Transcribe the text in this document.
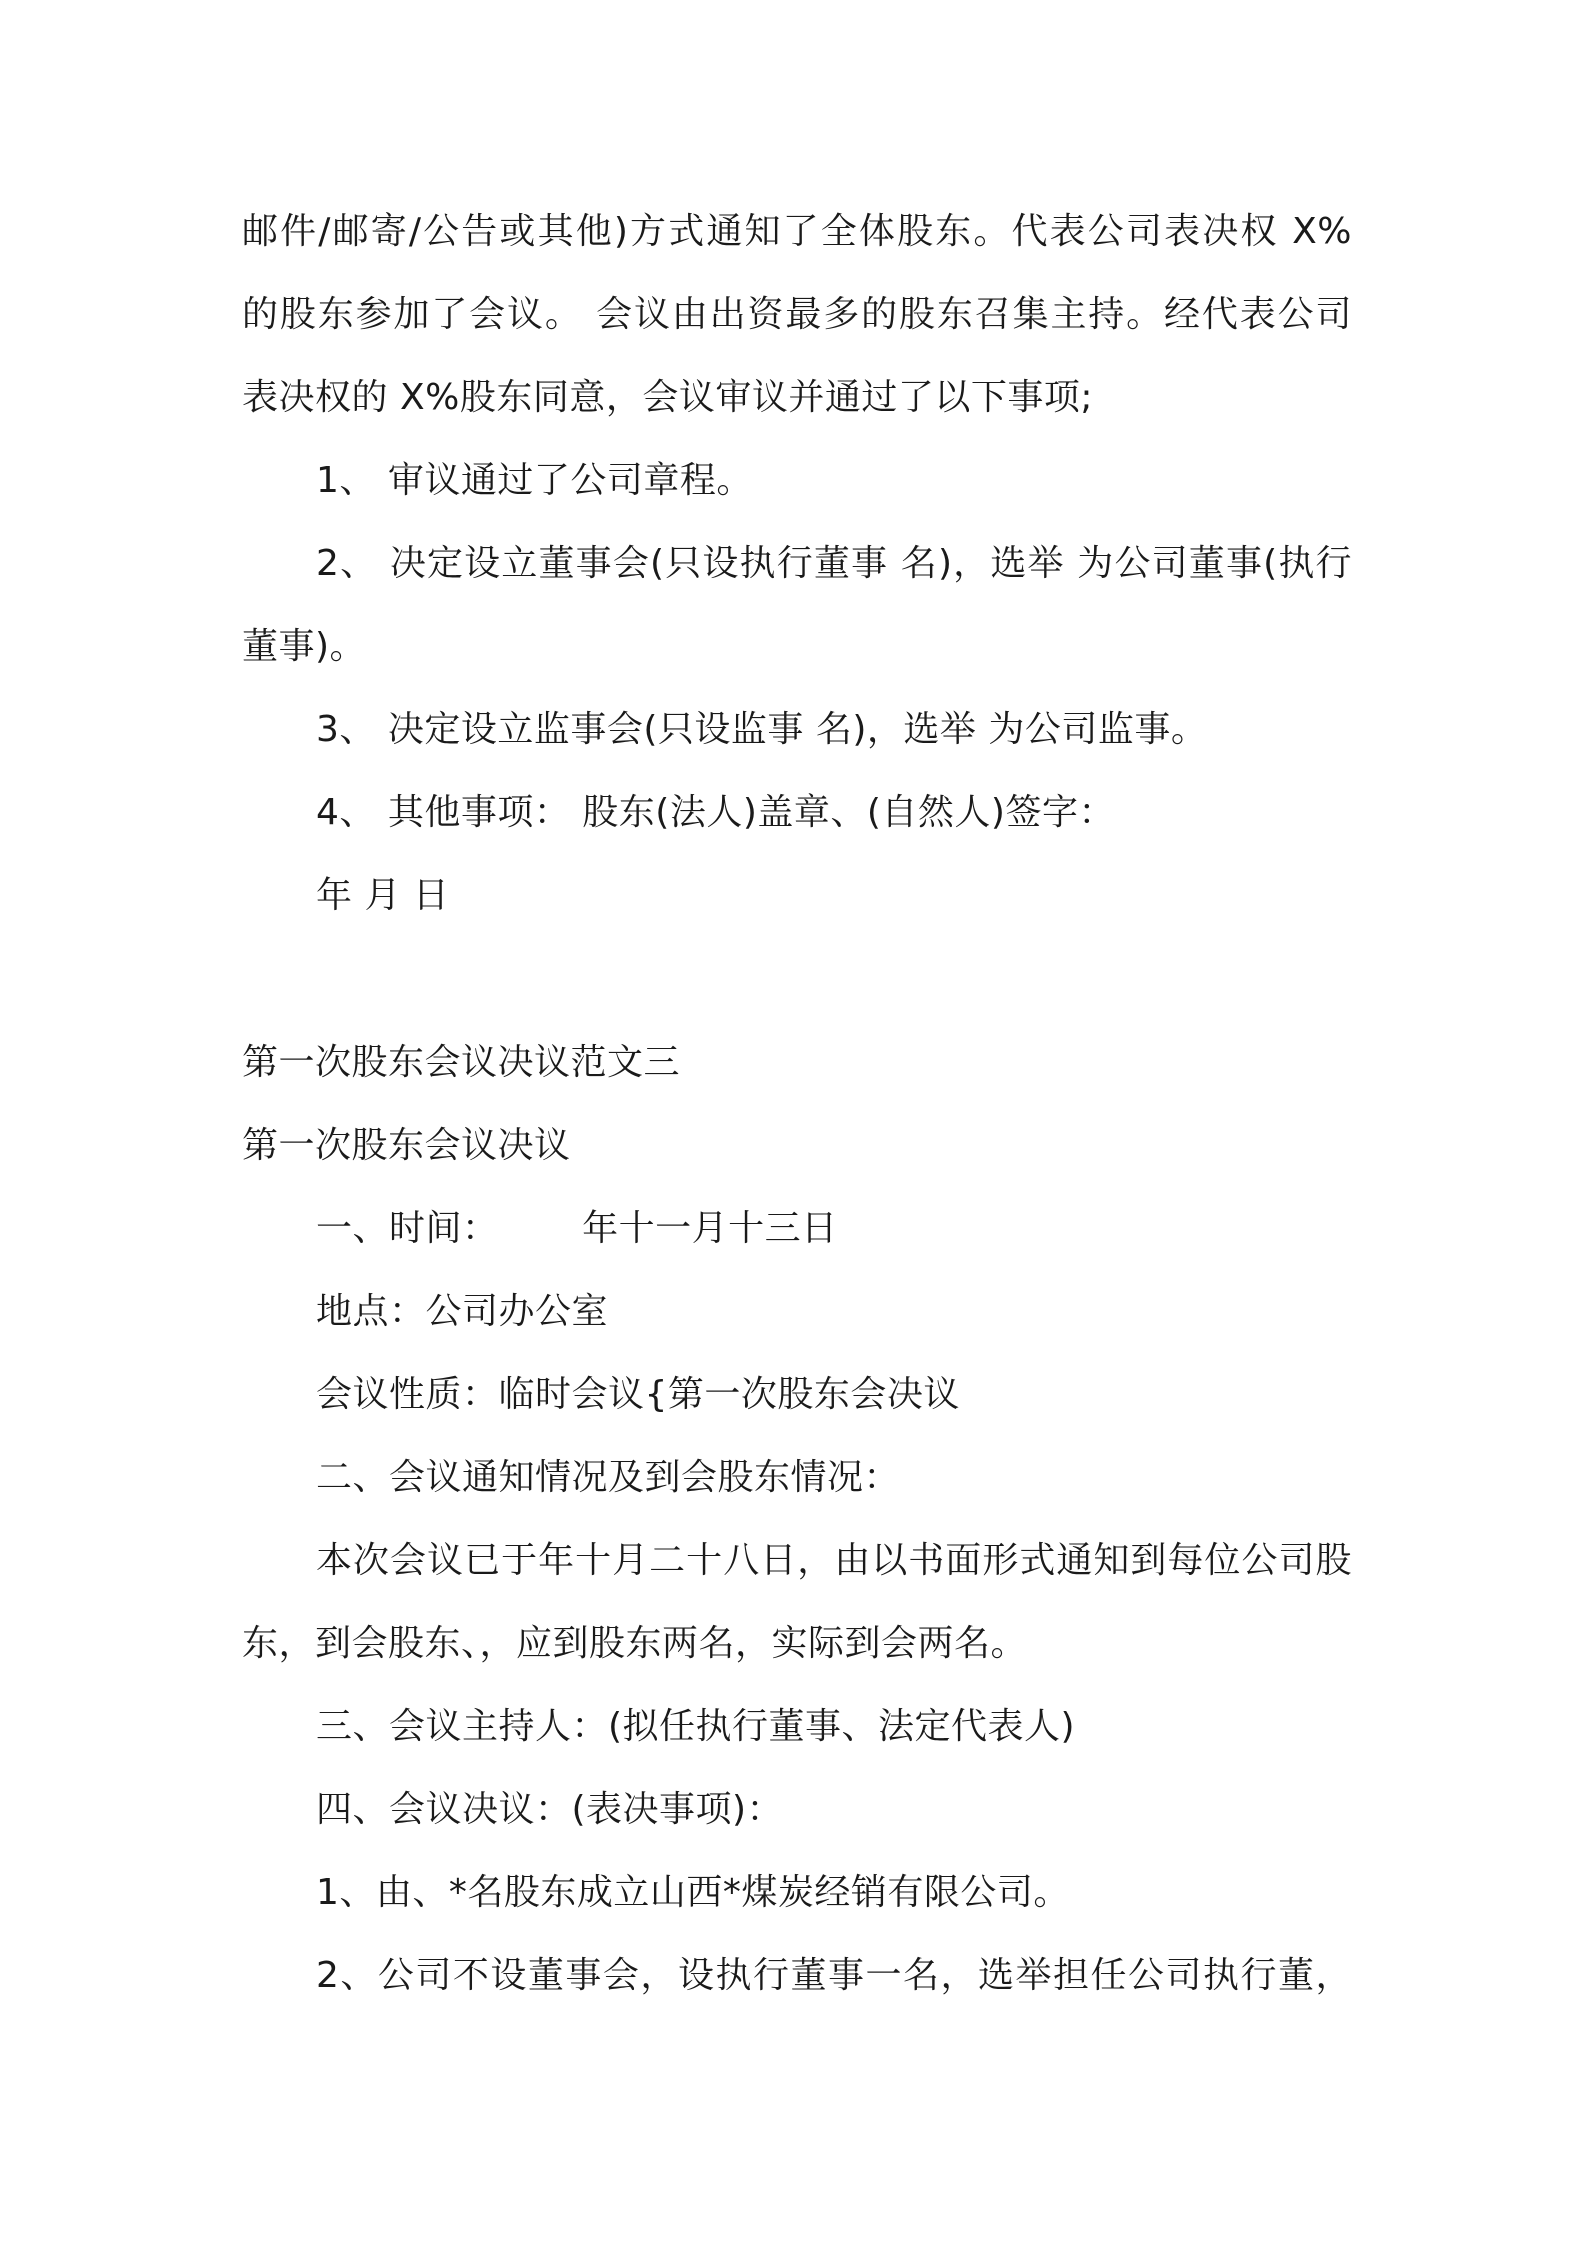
邮件/邮寄/公告或其他)方式通知了全体股东。代表公司表决权 X%
的股东参加了会议。 会议由出资最多的股东召集主持。经代表公司
表决权的 X%股东同意，会议审议并通过了以下事项;
1、 审议通过了公司章程。
2、 决定设立董事会(只设执行董事 名)，选举 为公司董事(执行
董事)。
3、 决定设立监事会(只设监事 名)，选举 为公司监事。
4、 其他事项： 股东(法人)盖章、(自然人)签字：
年 月 日
第一次股东会议决议范文三
第一次股东会议决议
一、时间：       年十一月十三日
地点：公司办公室
会议性质：临时会议{第一次股东会决议
二、会议通知情况及到会股东情况：
本次会议已于年十月二十八日，由以书面形式通知到每位公司股
东，到会股东、，应到股东两名，实际到会两名。
三、会议主持人：(拟任执行董事、法定代表人)
四、会议决议：(表决事项)：
1、由、*名股东成立山西*煤炭经销有限公司。
2、公司不设董事会，设执行董事一名，选举担任公司执行董，
